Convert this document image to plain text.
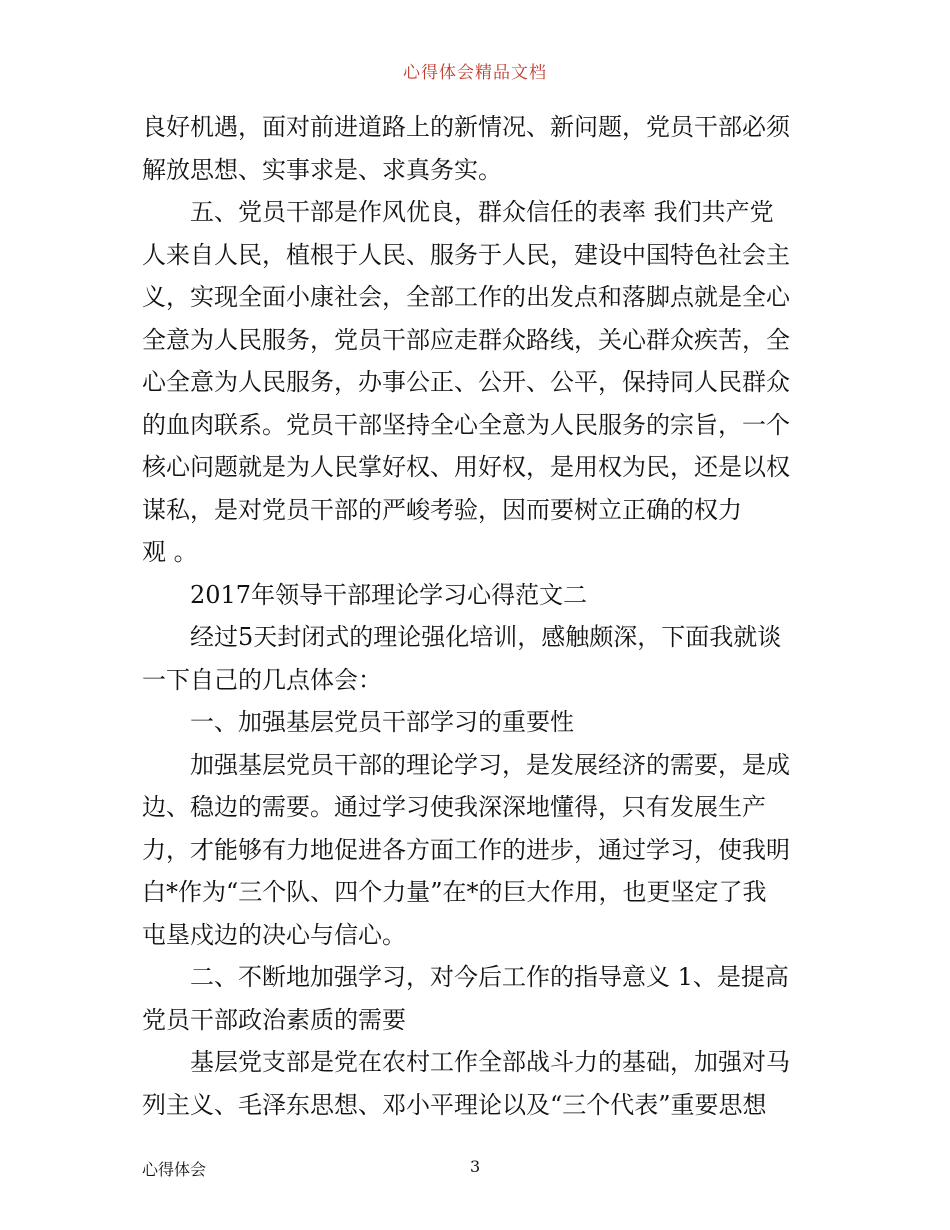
心得体会精品文档
良好机遇，面对前进道路上的新情况、新问题，党员干部必须
解放思想、实事求是、求真务实。
五、党员干部是作风优良，群众信任的表率 我们共产党
人来自人民，植根于人民、服务于人民，建设中国特色社会主
义，实现全面小康社会，全部工作的出发点和落脚点就是全心
全意为人民服务，党员干部应走群众路线，关心群众疾苦，全
心全意为人民服务，办事公正、公开、公平，保持同人民群众
的血肉联系。党员干部坚持全心全意为人民服务的宗旨，一个
核心问题就是为人民掌好权、用好权，是用权为民，还是以权
谋私，是对党员干部的严峻考验，因而要树立正确的权力
观 。
2017年领导干部理论学习心得范文二
经过5天封闭式的理论强化培训，感触颇深，下面我就谈
一下自己的几点体会：
一、加强基层党员干部学习的重要性
加强基层党员干部的理论学习，是发展经济的需要，是成
边、稳边的需要。通过学习使我深深地懂得，只有发展生产
力，才能够有力地促进各方面工作的进步，通过学习，使我明
白*作为“三个队、四个力量”在*的巨大作用，也更坚定了我
屯垦戍边的决心与信心。
二、不断地加强学习，对今后工作的指导意义 1、是提高
党员干部政治素质的需要
基层党支部是党在农村工作全部战斗力的基础，加强对马
列主义、毛泽东思想、邓小平理论以及“三个代表”重要思想
心得体会	3
